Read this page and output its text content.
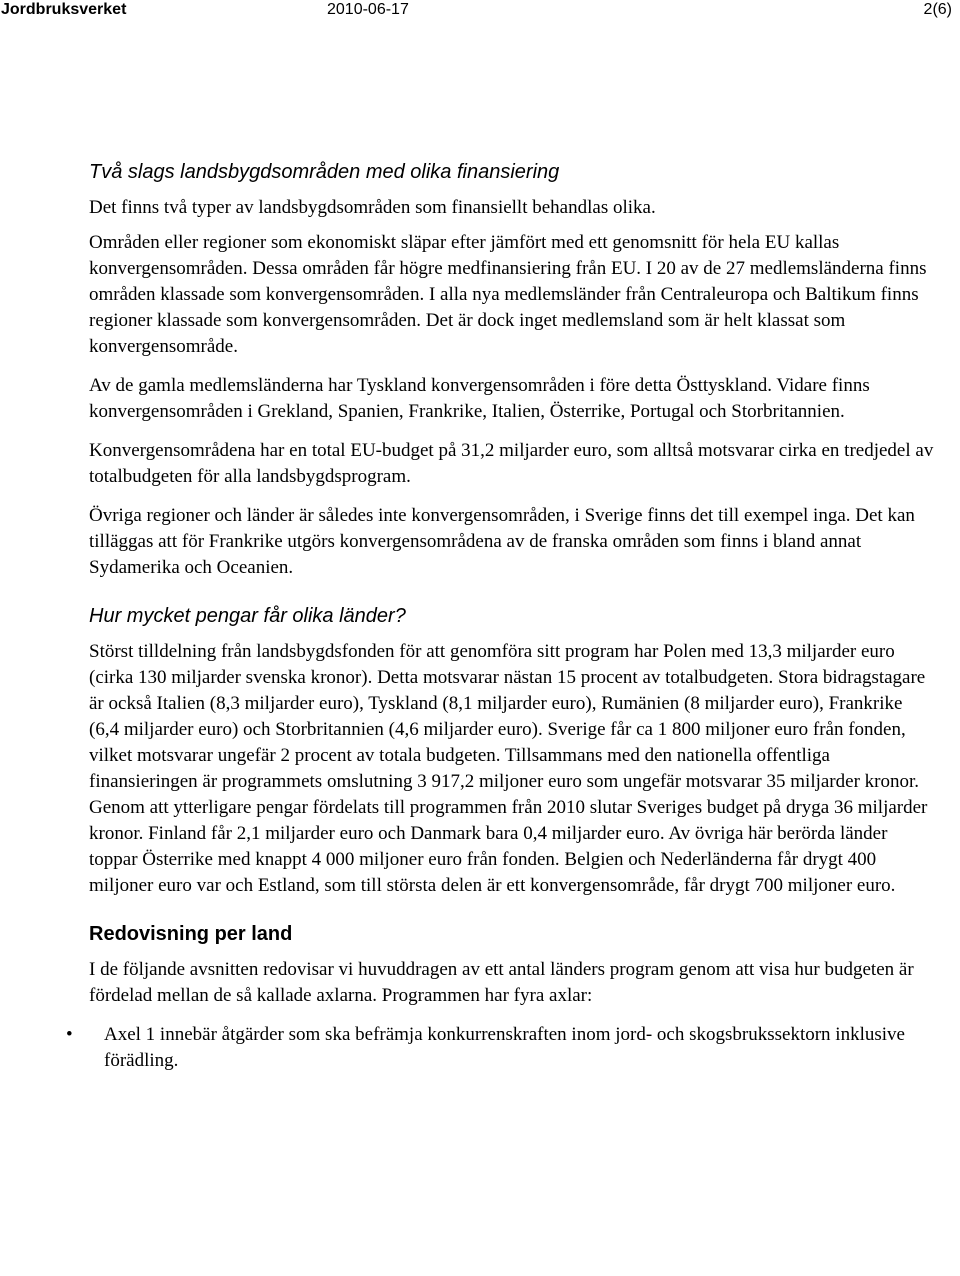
Jordbruksverket	2010-06-17	2(6)
Två slags landsbygdsområden med olika finansiering

Det finns två typer av landsbygdsområden som finansiellt behandlas olika.

Områden eller regioner som ekonomiskt släpar efter jämfört med ett genomsnitt för hela EU kallas konvergensområden. Dessa områden får högre medfinansiering från EU. I 20 av de 27 medlemsländerna finns områden klassade som konvergensområden. I alla nya medlemsländer från Centraleuropa och Baltikum finns regioner klassade som konvergensområden. Det är dock inget medlemsland som är helt klassat som konvergensområde.

Av de gamla medlemsländerna har Tyskland konvergensområden i före detta Östtyskland. Vidare finns konvergensområden i Grekland, Spanien, Frankrike, Italien, Österrike, Portugal och Storbritannien.

Konvergensområdena har en total EU-budget på 31,2 miljarder euro, som alltså motsvarar cirka en tredjedel av totalbudgeten för alla landsbygdsprogram.

Övriga regioner och länder är således inte konvergensområden, i Sverige finns det till exempel inga. Det kan tilläggas att för Frankrike utgörs konvergensområdena av de franska områden som finns i bland annat Sydamerika och Oceanien.

Hur mycket pengar får olika länder?

Störst tilldelning från landsbygdsfonden för att genomföra sitt program har Polen med 13,3 miljarder euro (cirka 130 miljarder svenska kronor). Detta motsvarar nästan 15 procent av totalbudgeten. Stora bidragstagare är också Italien (8,3 miljarder euro), Tyskland (8,1 miljarder euro), Rumänien (8 miljarder euro), Frankrike (6,4 miljarder euro) och Storbritannien (4,6 miljarder euro). Sverige får ca 1 800 miljoner euro från fonden, vilket motsvarar ungefär 2 procent av totala budgeten. Tillsammans med den nationella offentliga finansieringen är programmets omslutning 3 917,2 miljoner euro som ungefär motsvarar 35 miljarder kronor. Genom att ytterligare pengar fördelats till programmen från 2010 slutar Sveriges budget på dryga 36 miljarder kronor. Finland får 2,1 miljarder euro och Danmark bara 0,4 miljarder euro. Av övriga här berörda länder toppar Österrike med knappt 4 000 miljoner euro från fonden. Belgien och Nederländerna får drygt 400 miljoner euro var och Estland, som till största delen är ett konvergensområde, får drygt 700 miljoner euro.

Redovisning per land

I de följande avsnitten redovisar vi huvuddragen av ett antal länders program genom att visa hur budgeten är fördelad mellan de så kallade axlarna. Programmen har fyra axlar:

• Axel 1 innebär åtgärder som ska befrämja konkurrenskraften inom jord- och skogsbrukssektorn inklusive förädling.
